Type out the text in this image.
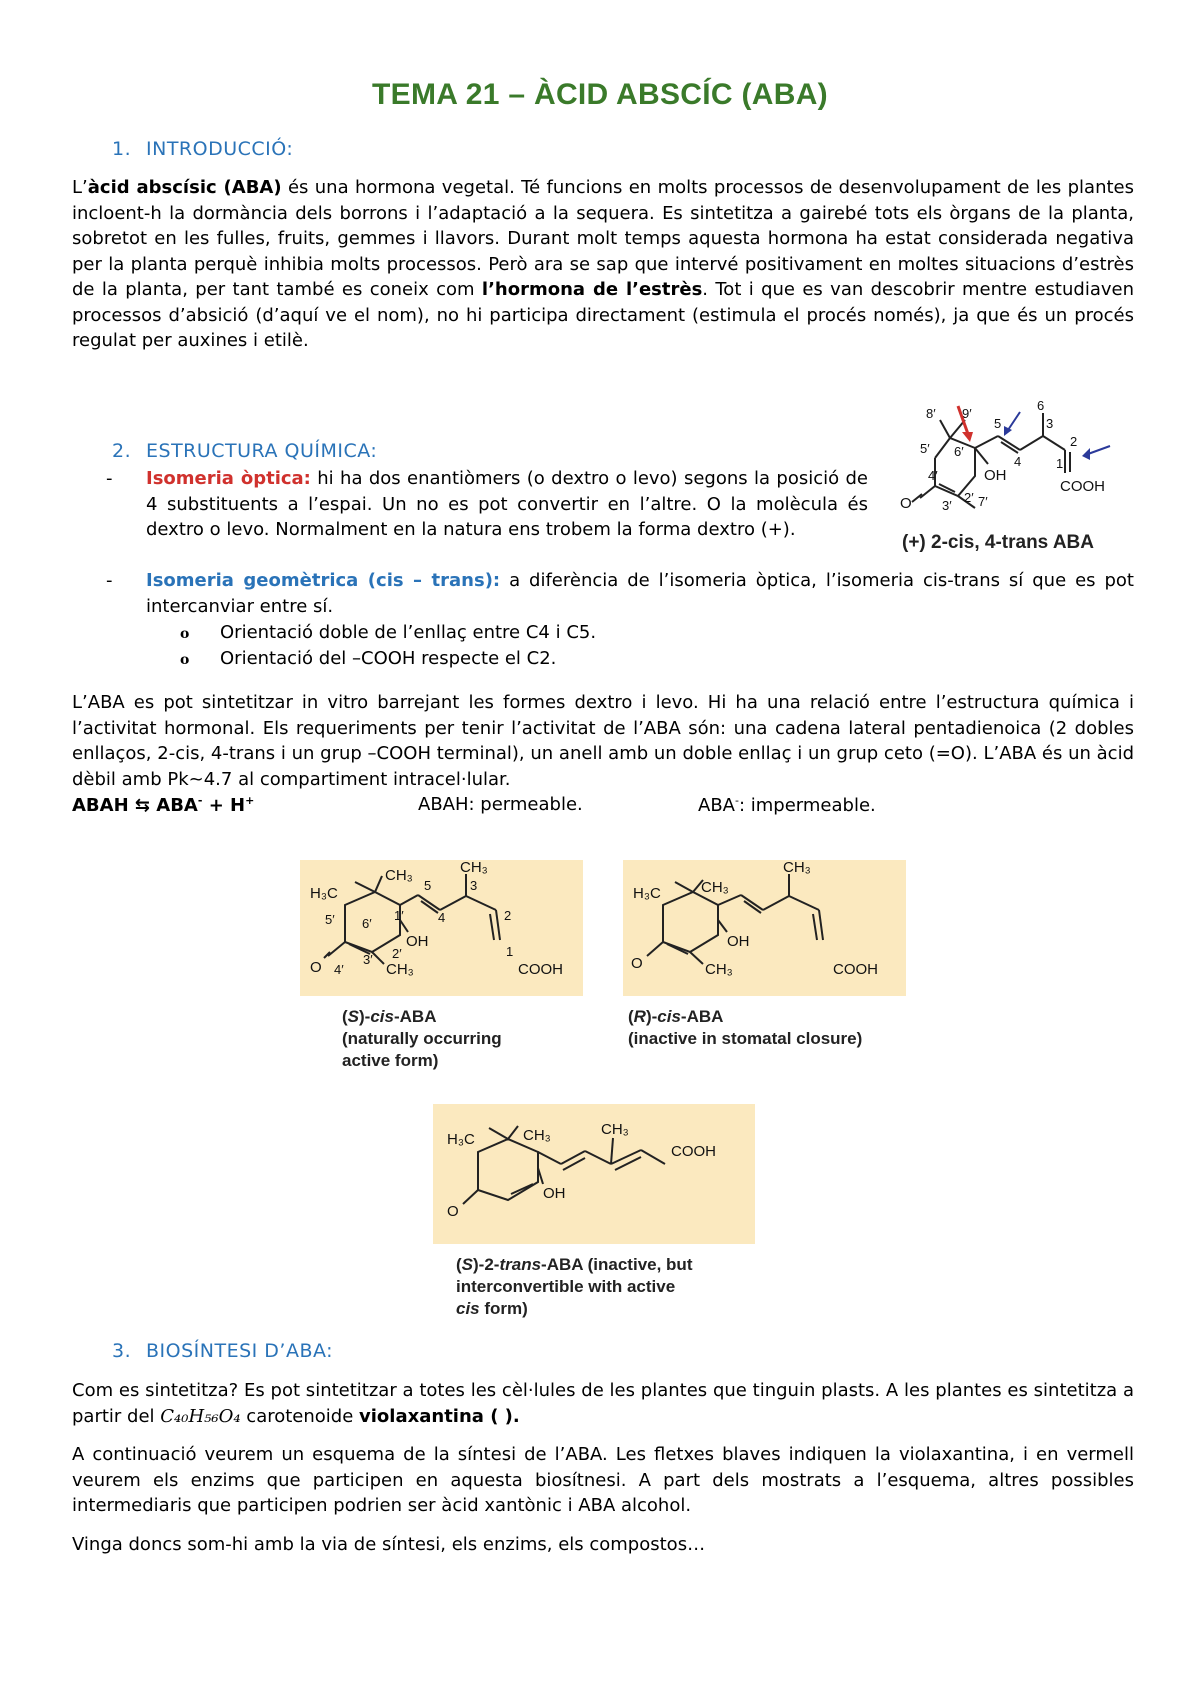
TEMA 21 – ÀCID ABSCÍC (ABA)
1. INTRODUCCIÓ:
L’àcid abscísic (ABA) és una hormona vegetal. Té funcions en molts processos de desenvolupament de les plantes incloent-h la dormància dels borrons i l’adaptació a la sequera. Es sintetitza a gairebé tots els òrgans de la planta, sobretot en les fulles, fruits, gemmes i llavors. Durant molt temps aquesta hormona ha estat considerada negativa per la planta perquè inhibia molts processos. Però ara se sap que intervé positivament en moltes situacions d’estrès de la planta, per tant també es coneix com l’hormona de l’estrès. Tot i que es van descobrir mentre estudiaven processos d’absició (d’aquí ve el nom), no hi participa directament (estimula el procés només), ja que és un procés regulat per auxines i etilè.
2. ESTRUCTURA QUÍMICA:
O
COOH
OH
8′ 9′
5′ 6′
4′
3′
2′ 7′
5
4
3
6
2
1
(+) 2-cis, 4-trans ABA
- Isomeria òptica: hi ha dos enantiòmers (o dextro o levo) segons la posició de 4 substituents a l’espai. Un no es pot convertir en l’altre. O la molècula és dextro o levo. Normalment en la natura ens trobem la forma dextro (+).
- Isomeria geomètrica (cis – trans): a diferència de l’isomeria òptica, l’isomeria cis-trans sí que es pot intercanviar entre sí.
o Orientació doble de l’enllaç entre C4 i C5.
o Orientació del –COOH respecte el C2.
L’ABA es pot sintetitzar in vitro barrejant les formes dextro i levo. Hi ha una relació entre l’estructura química i l’activitat hormonal. Els requeriments per tenir l’activitat de l’ABA són: una cadena lateral pentadienoica (2 dobles enllaços, 2-cis, 4-trans i un grup –COOH terminal), un anell amb un doble enllaç i un grup ceto (=O). L’ABA és un àcid dèbil amb Pk~4.7 al compartiment intracel·lular.
ABAH ⇆ ABA- + H+	ABAH: permeable.	ABA-: impermeable.
H₃C
CH₃	CH₃
OH
CH₃	COOH
O
5′ 6′
1′
2′
3′
4′
5
4
3
2
1
(S)-cis-ABA
(naturally occurring
active form)
H₃C	CH₃
CH₃
OH
CH₃	COOH
O
(R)-cis-ABA
(inactive in stomatal closure)
H₃C	CH₃	CH₃
COOH
OH
O
(S)-2-trans-ABA (inactive, but
interconvertible with active
cis form)
3. BIOSÍNTESI D’ABA:
Com es sintetitza? Es pot sintetitzar a totes les cèl·lules de les plantes que tinguin plasts. A les plantes es sintetitza a partir del C₄₀H₅₆O₄ carotenoide violaxantina ( ).
A continuació veurem un esquema de la síntesi de l’ABA. Les fletxes blaves indiquen la violaxantina, i en vermell veurem els enzims que participen en aquesta biosítnesi. A part dels mostrats a l’esquema, altres possibles intermediaris que participen podrien ser àcid xantònic i ABA alcohol.
Vinga doncs som-hi amb la via de síntesi, els enzims, els compostos…
